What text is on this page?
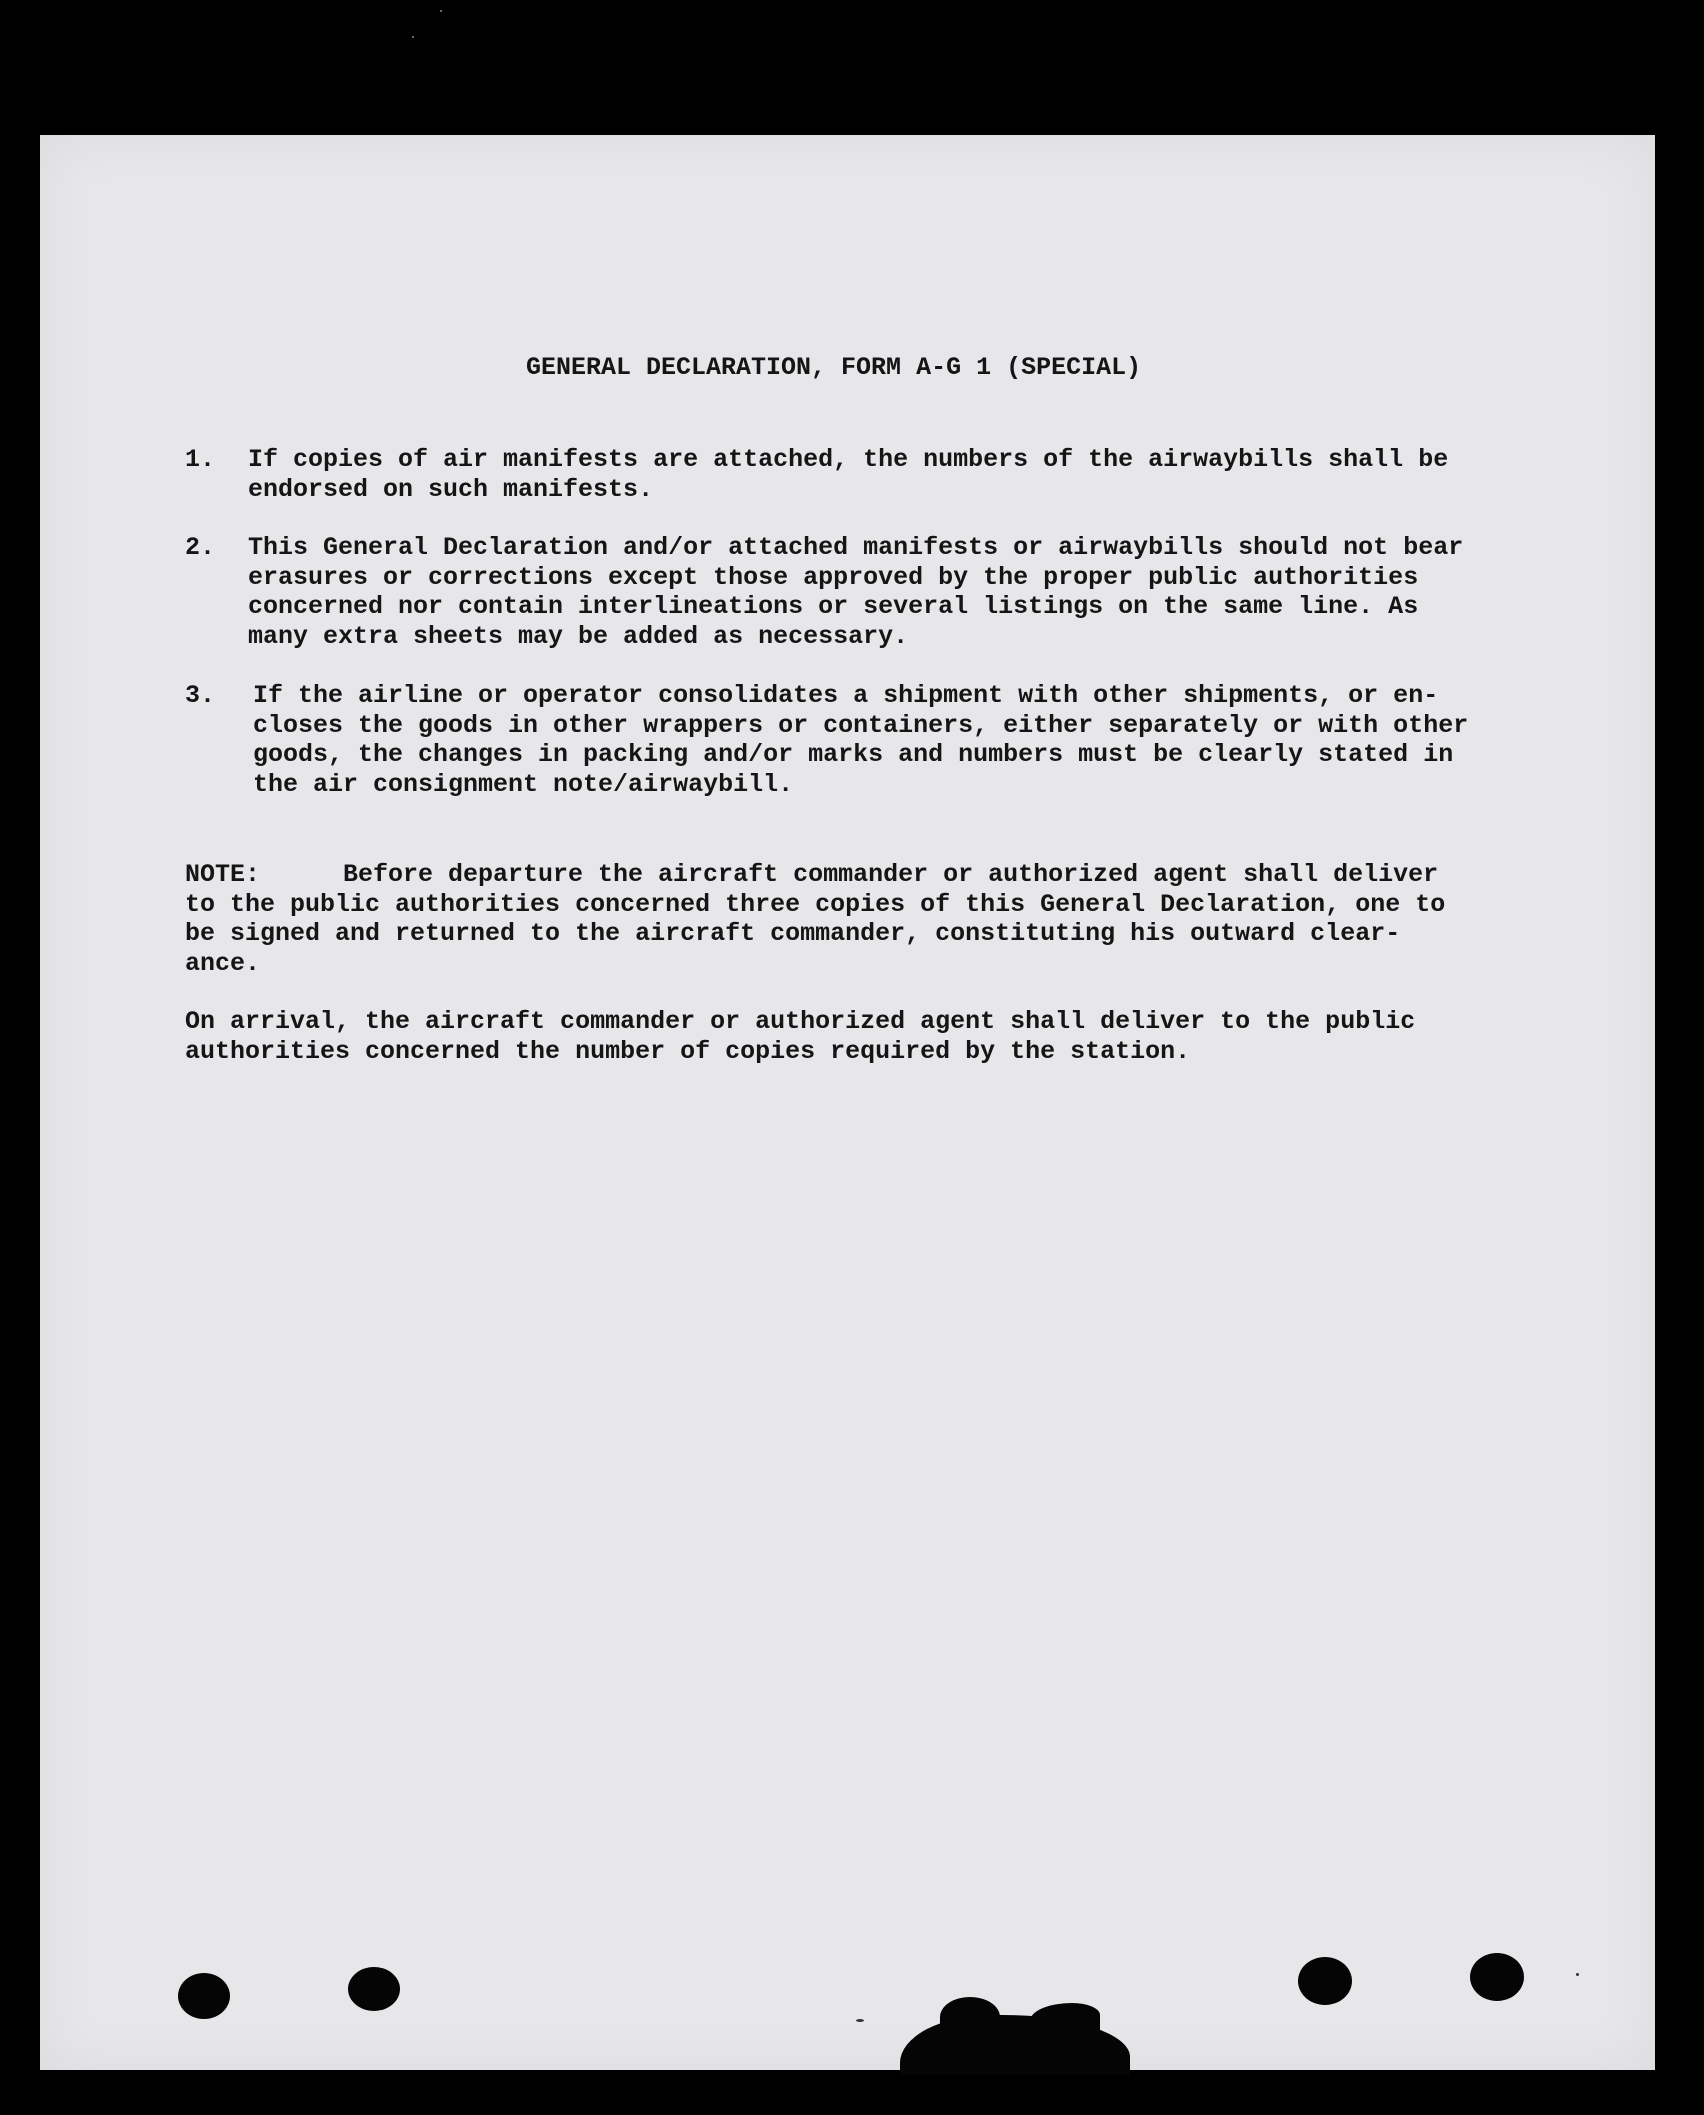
​
GENERAL DECLARATION, FORM A-G 1 (SPECIAL)
1. If copies of air manifests are attached, the numbers of the airwaybills shall be
endorsed on such manifests.
2. This General Declaration and/or attached manifests or airwaybills should not bear
erasures or corrections except those approved by the proper public authorities
concerned nor contain interlineations or several listings on the same line. As
many extra sheets may be added as necessary.
3. If the airline or operator consolidates a shipment with other shipments, or en-
closes the goods in other wrappers or containers, either separately or with other
goods, the changes in packing and/or marks and numbers must be clearly stated in
the air consignment note/airwaybill.
NOTE:	Before departure the aircraft commander or authorized agent shall deliver
to the public authorities concerned three copies of this General Declaration, one to
be signed and returned to the aircraft commander, constituting his outward clear-
ance.
On arrival, the aircraft commander or authorized agent shall deliver to the public
authorities concerned the number of copies required by the station.
